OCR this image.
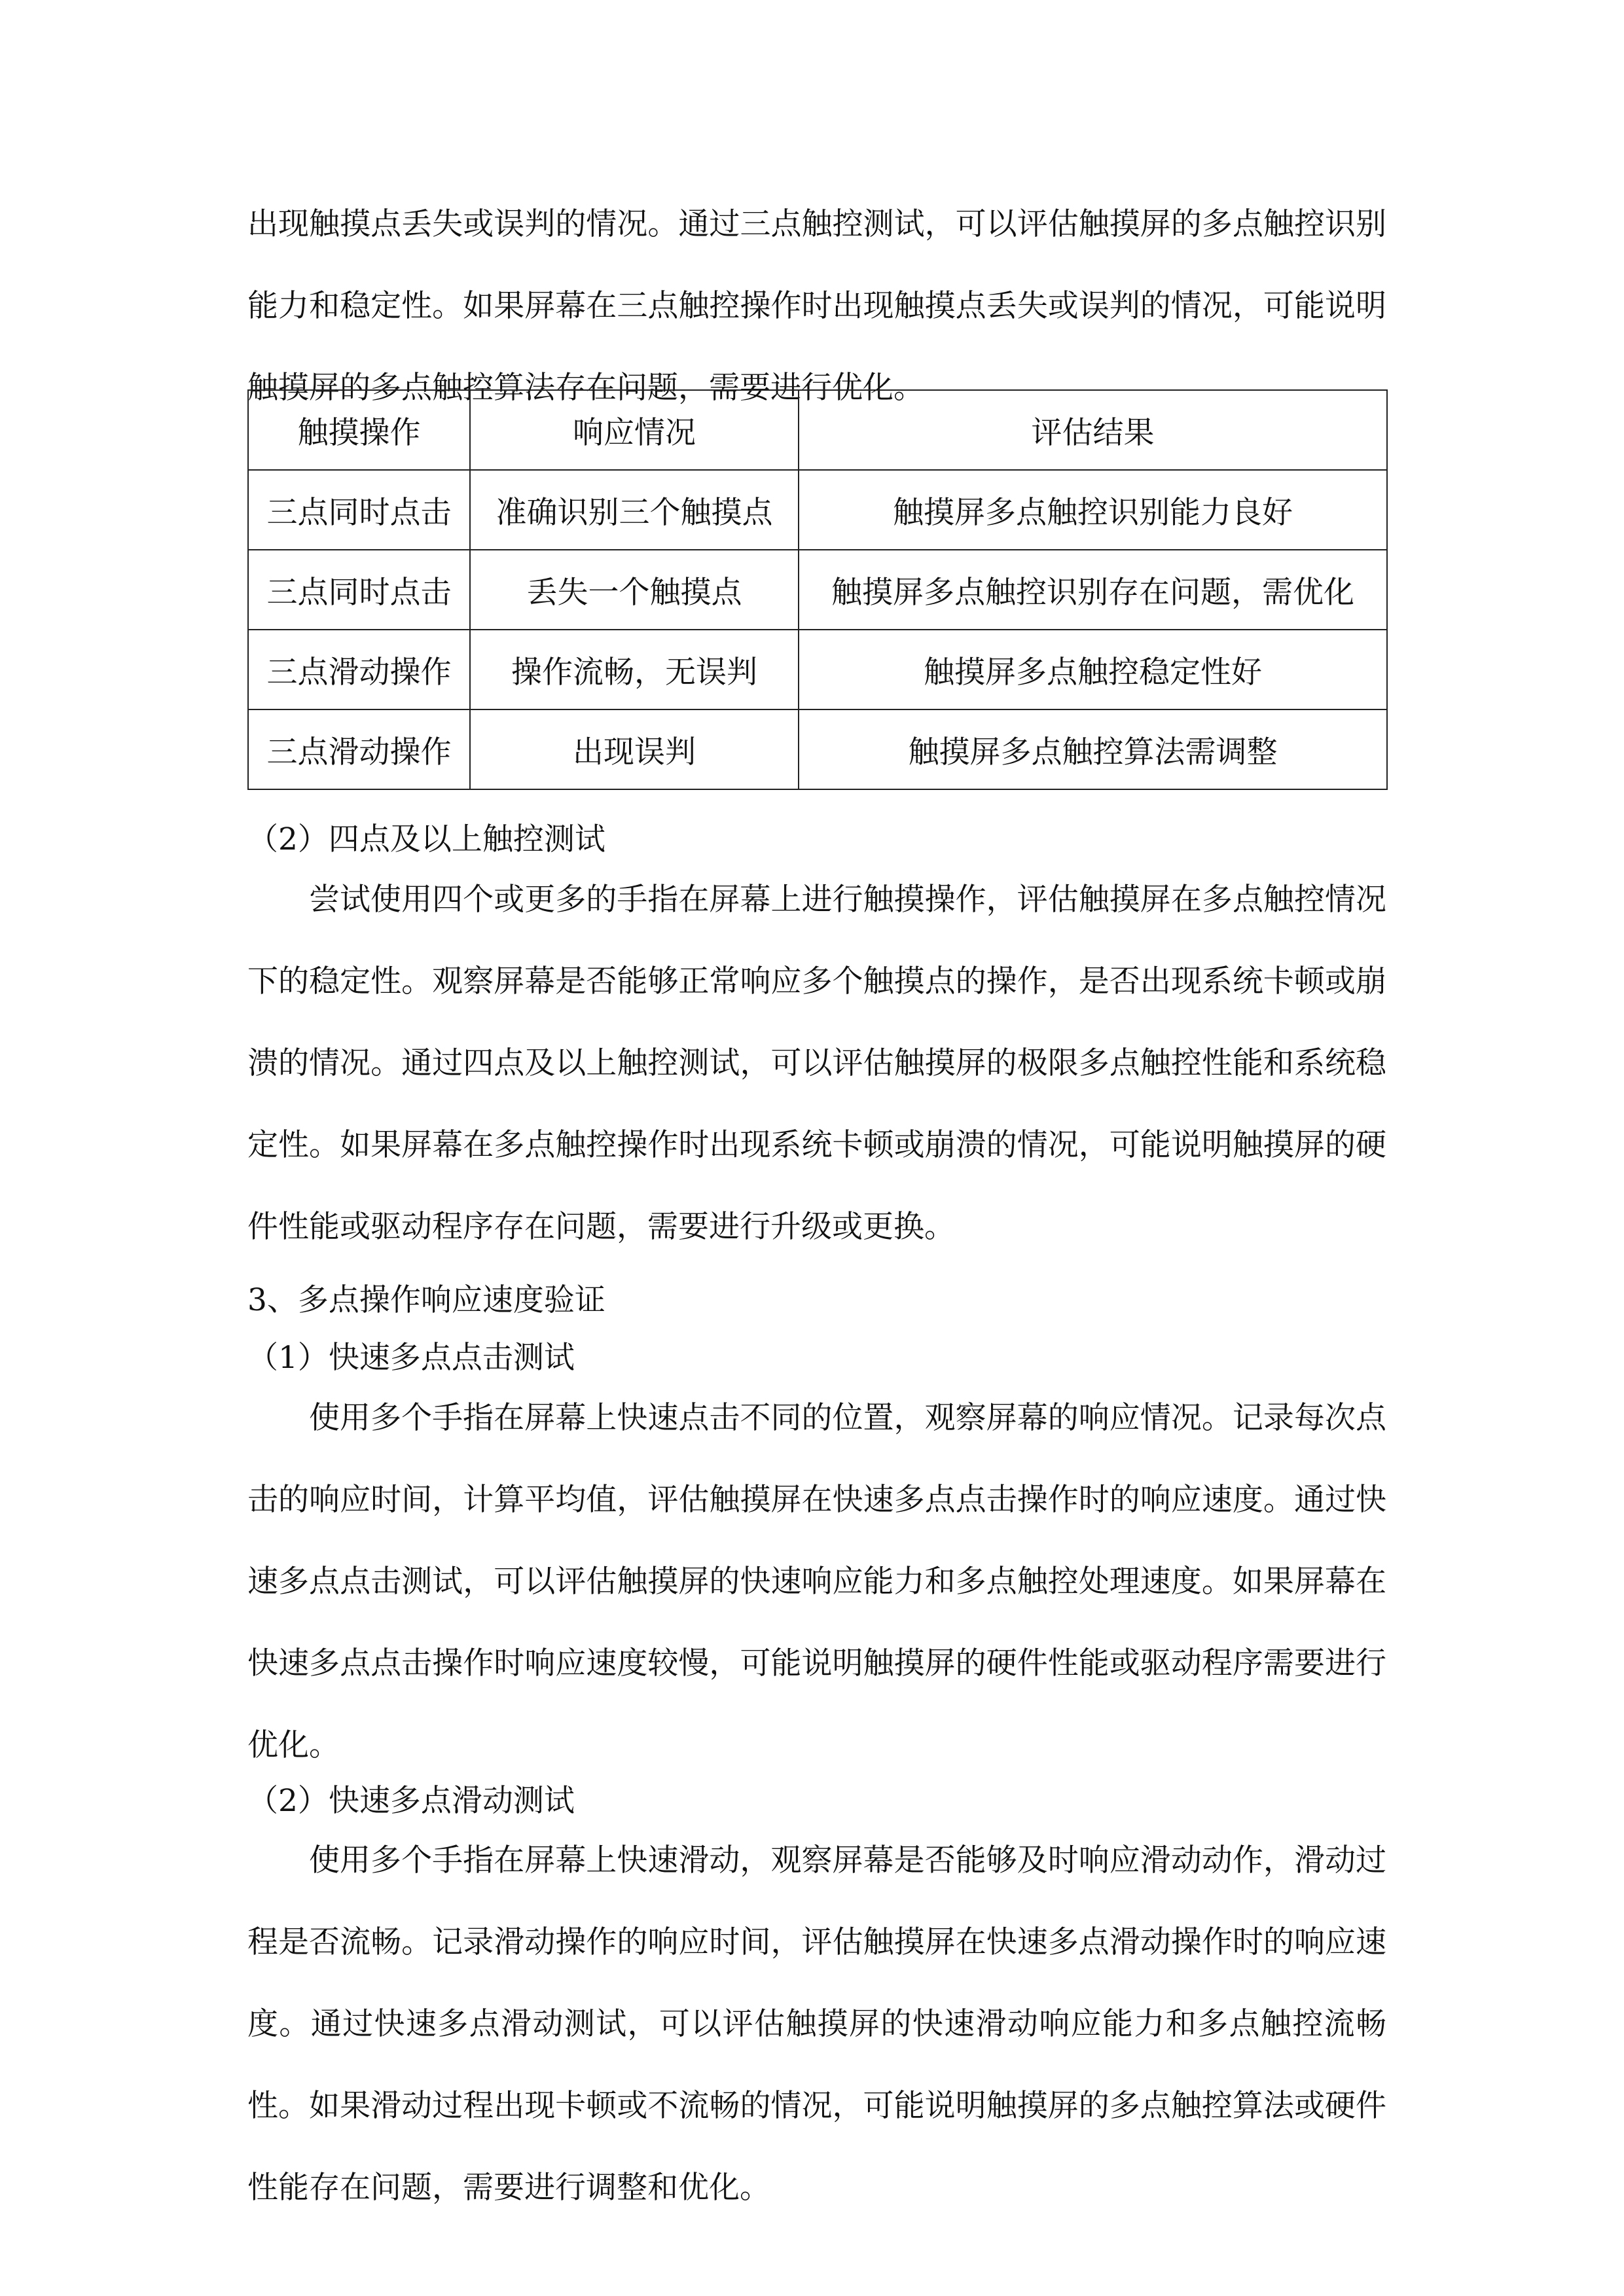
出现触摸点丢失或误判的情况。通过三点触控测试，可以评估触摸屏的多点触控识别能力和稳定性。如果屏幕在三点触控操作时出现触摸点丢失或误判的情况，可能说明触摸屏的多点触控算法存在问题，需要进行优化。

触摸操作	响应情况	评估结果
三点同时点击	准确识别三个触摸点	触摸屏多点触控识别能力良好
三点同时点击	丢失一个触摸点	触摸屏多点触控识别存在问题，需优化
三点滑动操作	操作流畅，无误判	触摸屏多点触控稳定性好
三点滑动操作	出现误判	触摸屏多点触控算法需调整
（2）四点及以上触控测试

尝试使用四个或更多的手指在屏幕上进行触摸操作，评估触摸屏在多点触控情况下的稳定性。观察屏幕是否能够正常响应多个触摸点的操作，是否出现系统卡顿或崩溃的情况。通过四点及以上触控测试，可以评估触摸屏的极限多点触控性能和系统稳定性。如果屏幕在多点触控操作时出现系统卡顿或崩溃的情况，可能说明触摸屏的硬件性能或驱动程序存在问题，需要进行升级或更换。

3、多点操作响应速度验证
（1）快速多点点击测试

使用多个手指在屏幕上快速点击不同的位置，观察屏幕的响应情况。记录每次点击的响应时间，计算平均值，评估触摸屏在快速多点点击操作时的响应速度。通过快速多点点击测试，可以评估触摸屏的快速响应能力和多点触控处理速度。如果屏幕在快速多点点击操作时响应速度较慢，可能说明触摸屏的硬件性能或驱动程序需要进行优化。

（2）快速多点滑动测试

使用多个手指在屏幕上快速滑动，观察屏幕是否能够及时响应滑动动作，滑动过程是否流畅。记录滑动操作的响应时间，评估触摸屏在快速多点滑动操作时的响应速度。通过快速多点滑动测试，可以评估触摸屏的快速滑动响应能力和多点触控流畅性。如果滑动过程出现卡顿或不流畅的情况，可能说明触摸屏的多点触控算法或硬件性能存在问题，需要进行调整和优化。
